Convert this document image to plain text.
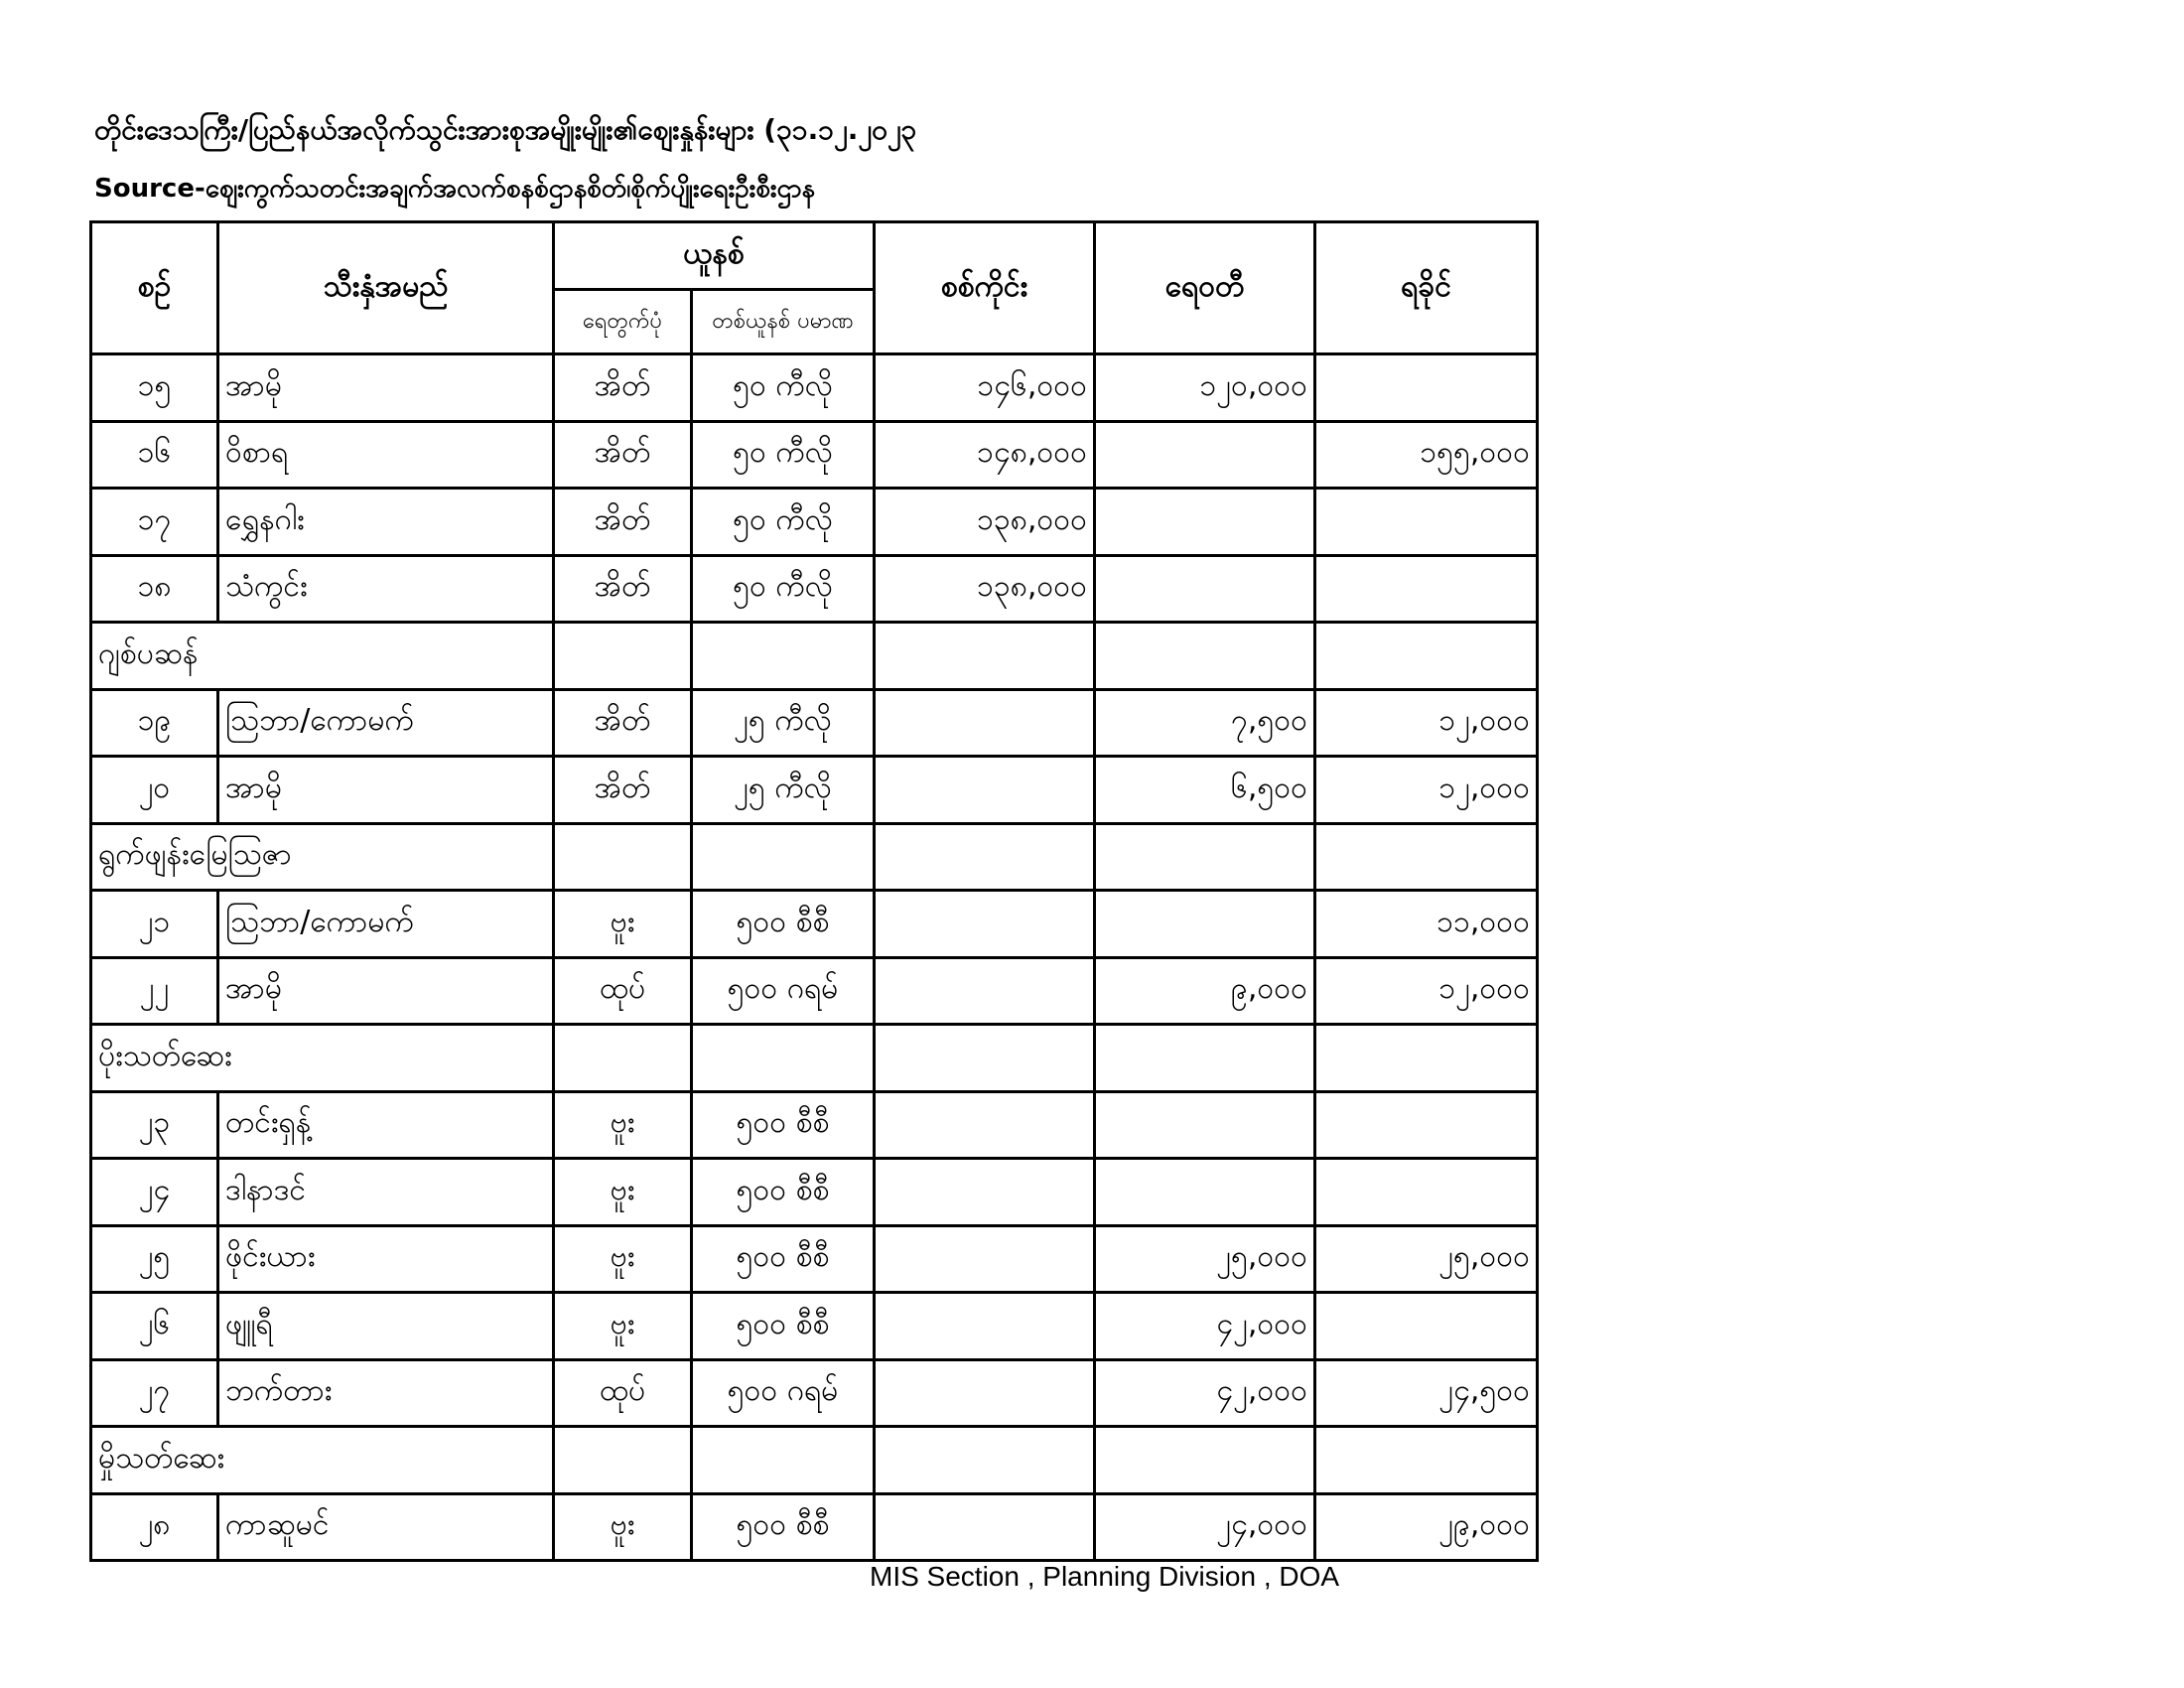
တိုင်းဒေသကြီး/ပြည်နယ်အလိုက်သွင်းအားစုအမျိုးမျိုး၏ဈေးနှုန်းများ (၃၁.၁၂.၂၀၂၃
Source-ဈေးကွက်သတင်းအချက်အလက်စနစ်ဌာနစိတ်၊စိုက်ပျိုးရေးဦးစီးဌာန
စဉ်	သီးနှံအမည်	ယူနစ်		စစ်ကိုင်း	ရေဝတီ	ရခိုင်
		ရေတွက်ပုံ	တစ်ယူနစ် ပမာဏ			
၁၅	အာမို	အိတ်	၅၀ ကီလို	၁၄၆,၀၀၀	၁၂၀,၀၀၀	
၁၆	ဝိစာရ	အိတ်	၅၀ ကီလို	၁၄၈,၀၀၀		၁၅၅,၀၀၀
၁၇	ရွှေနဂါး	အိတ်	၅၀ ကီလို	၁၃၈,၀၀၀		
၁၈	သံကွင်း	အိတ်	၅၀ ကီလို	၁၃၈,၀၀၀		
ဂျစ်ပဆန်						
၁၉	သြဘာ/ကောမက်	အိတ်	၂၅ ကီလို		၇,၅၀၀	၁၂,၀၀၀
၂၀	အာမို	အိတ်	၂၅ ကီလို		၆,၅၀၀	၁၂,၀၀၀
ရွက်ဖျန်းမြေသြဇာ						
၂၁	သြဘာ/ကောမက်	ဗူး	၅၀၀ စီစီ			၁၁,၀၀၀
၂၂	အာမို	ထုပ်	၅၀၀ ဂရမ်		၉,၀၀၀	၁၂,၀၀၀
ပိုးသတ်ဆေး						
၂၃	တင်းရှန့်	ဗူး	၅၀၀ စီစီ			
၂၄	ဒါနာဒင်	ဗူး	၅၀၀ စီစီ			
၂၅	ဖိုင်းယား	ဗူး	၅၀၀ စီစီ		၂၅,၀၀၀	၂၅,၀၀၀
၂၆	ဖျူရီ	ဗူး	၅၀၀ စီစီ		၄၂,၀၀၀	
၂၇	ဘက်တား	ထုပ်	၅၀၀ ဂရမ်		၄၂,၀၀၀	၂၄,၅၀၀
မှိုသတ်ဆေး						
၂၈	ကာဆူမင်	ဗူး	၅၀၀ စီစီ		၂၄,၀၀၀	၂၉,၀၀၀
MIS Section , Planning Division , DOA
